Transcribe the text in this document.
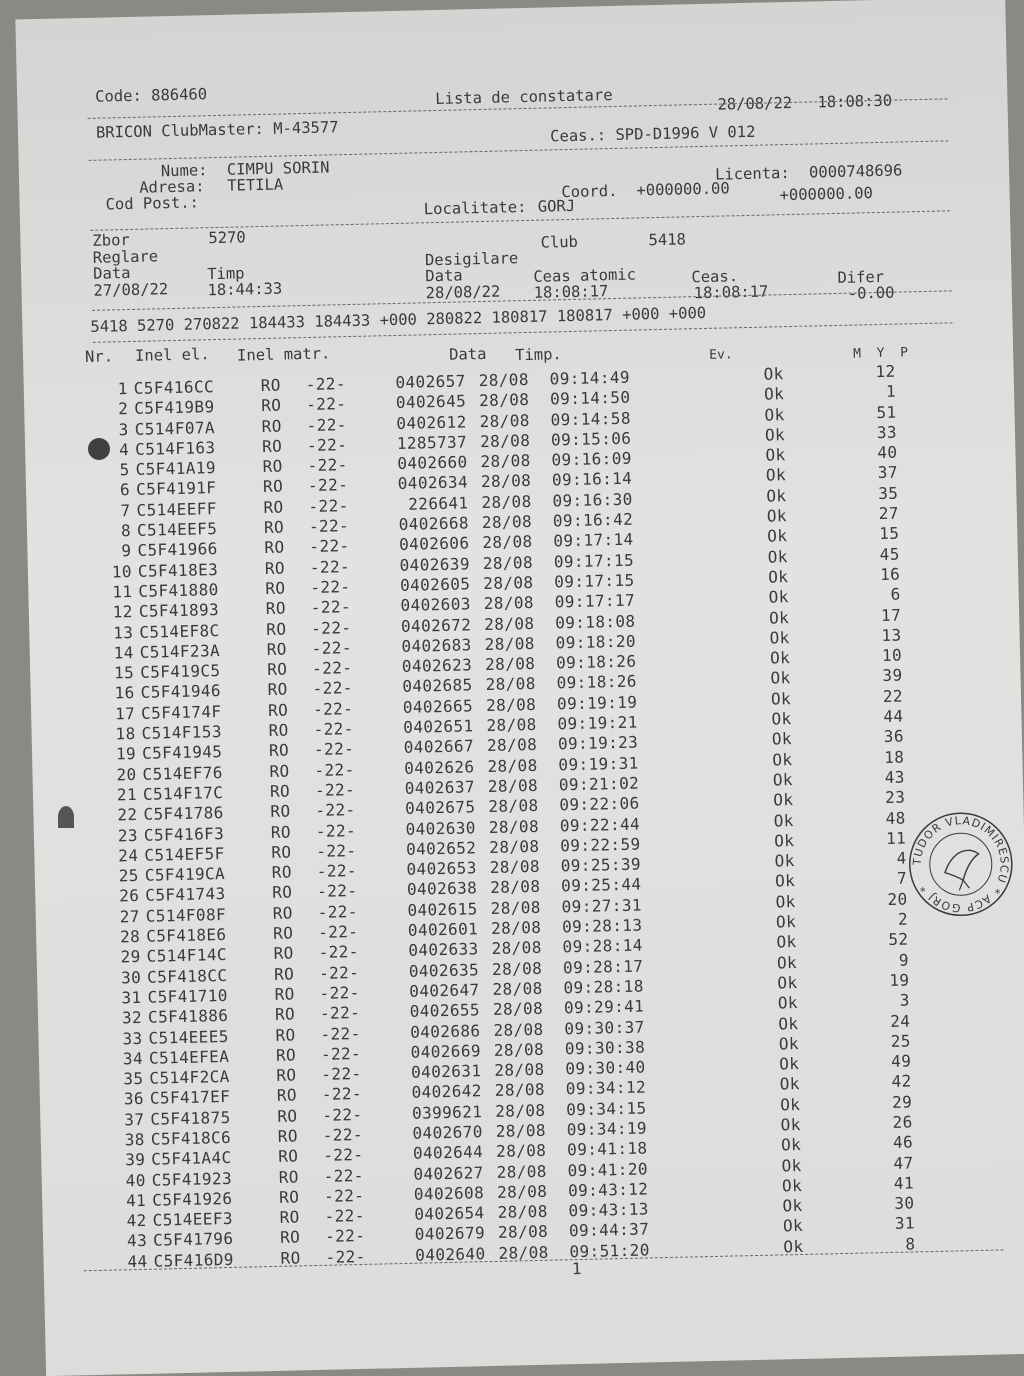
Code: 886460	Lista de constatare	28/08/22 18:08:30
BRICON ClubMaster: M-43577	Ceas.: SPD-D1996 V 012
Nume: CIMPU SORIN
Adresa: TETILA
Cod Post.:
Licenta: 0000748696
Coord. +000000.00	+000000.00
Localitate: GORJ
Zbor	5270
Reglare
Club	5418
Desigilare
Data	Timp	Data	Ceas atomic	Ceas.	Difer
27/08/22	18:44:33	28/08/22 18:08:17	18:08:17	-0.00
5418 5270 270822 184433 184433 +000 280822 180817 180817 +000 +000
Nr. Inel el. Inel matr.	Data Timp.	Ev.	M  Y  P
1 C5F416CC	RO -22-	0402657 28/08 09:14:49	Ok	12
2 C5F419B9	RO -22-	0402645 28/08 09:14:50	Ok	1
3 C514F07A	RO -22-	0402612 28/08 09:14:58	Ok	51
4 C514F163	RO -22-	1285737 28/08 09:15:06	Ok	33
5 C5F41A19	RO -22-	0402660 28/08 09:16:09	Ok	40
6 C5F4191F	RO -22-	0402634 28/08 09:16:14	Ok	37
7 C514EEFF	RO -22-	226641 28/08 09:16:30	Ok	35
8 C514EEF5	RO -22-	0402668 28/08 09:16:42	Ok	27
9 C5F41966	RO -22-	0402606 28/08 09:17:14	Ok	15
10 C5F418E3	RO -22-	0402639 28/08 09:17:15	Ok	45
11 C5F41880	RO -22-	0402605 28/08 09:17:15	Ok	16
12 C5F41893	RO -22-	0402603 28/08 09:17:17	Ok	6
13 C514EF8C	RO -22-	0402672 28/08 09:18:08	Ok	17
14 C514F23A	RO -22-	0402683 28/08 09:18:20	Ok	13
15 C5F419C5	RO -22-	0402623 28/08 09:18:26	Ok	10
16 C5F41946	RO -22-	0402685 28/08 09:18:26	Ok	39
17 C5F4174F	RO -22-	0402665 28/08 09:19:19	Ok	22
18 C514F153	RO -22-	0402651 28/08 09:19:21	Ok	44
19 C5F41945	RO -22-	0402667 28/08 09:19:23	Ok	36
20 C514EF76	RO -22-	0402626 28/08 09:19:31	Ok	18
21 C514F17C	RO -22-	0402637 28/08 09:21:02	Ok	43
22 C5F41786	RO -22-	0402675 28/08 09:22:06	Ok	23
23 C5F416F3	RO -22-	0402630 28/08 09:22:44	Ok	48
24 C514EF5F	RO -22-	0402652 28/08 09:22:59	Ok	11
25 C5F419CA	RO -22-	0402653 28/08 09:25:39	Ok	4
26 C5F41743	RO -22-	0402638 28/08 09:25:44	Ok	7
27 C514F08F	RO -22-	0402615 28/08 09:27:31	Ok	20
28 C5F418E6	RO -22-	0402601 28/08 09:28:13	Ok	2
29 C514F14C	RO -22-	0402633 28/08 09:28:14	Ok	52
30 C5F418CC	RO -22-	0402635 28/08 09:28:17	Ok	9
31 C5F41710	RO -22-	0402647 28/08 09:28:18	Ok	19
32 C5F41886	RO -22-	0402655 28/08 09:29:41	Ok	3
33 C514EEE5	RO -22-	0402686 28/08 09:30:37	Ok	24
34 C514EFEA	RO -22-	0402669 28/08 09:30:38	Ok	25
35 C514F2CA	RO -22-	0402631 28/08 09:30:40	Ok	49
36 C5F417EF	RO -22-	0402642 28/08 09:34:12	Ok	42
37 C5F41875	RO -22-	0399621 28/08 09:34:15	Ok	29
38 C5F418C6	RO -22-	0402670 28/08 09:34:19	Ok	26
39 C5F41A4C	RO -22-	0402644 28/08 09:41:18	Ok	46
40 C5F41923	RO -22-	0402627 28/08 09:41:20	Ok	47
41 C5F41926	RO -22-	0402608 28/08 09:43:12	Ok	41
42 C514EEF3	RO -22-	0402654 28/08 09:43:13	Ok	30
43 C5F41796	RO -22-	0402679 28/08 09:44:37	Ok	31
44 C5F416D9	RO -22-	0402640 28/08 09:51:20	Ok	8
1
TUDOR VLADIMIRESCU * ACP GORJ *
